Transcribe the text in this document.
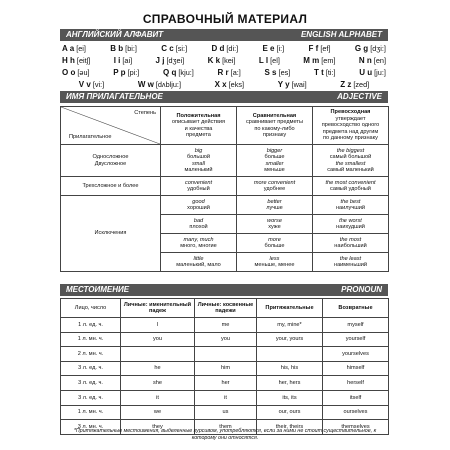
СПРАВОЧНЫЙ МАТЕРИАЛ
АНГЛИЙСКИЙ АЛФАВИТ	ENGLISH ALPHABET
A a [ei]	B b [bi:]	C c [si:]	D d [di:]	E e [i:]	F f [ef]	G g [dʒi:]
H h [eitʃ]	I i [ai]	J j [dʒei]	K k [kei]	L l [el]	M m [em]	N n [en]
O o [əu]	P p [pi:]	Q q [kju:]	R r [a:]	S s [es]	T t [ti:]	U u [ju:]
V v [vi:]	W w [dʌblju:]	X x [eks]	Y y [wai]	Z z [zed]
ИМЯ ПРИЛАГАТЕЛЬНОЕ	ADJECTIVE
Степень
Прилагательное	Положительная
описывает действия
и качества
предмета	Сравнительная
сравнивает предметы
по какому-либо
признаку	Превосходная
утверждает
превосходство одного
предмета над другим
по данному признаку

Односложное
Двусложное	big
большой
small
маленький	bigger
больше
smaller
меньше	the biggest
самый большой
the smallest
самый маленький

Трехсложное и более	convenient
удобный	more convenient
удобнее	the most convenient
самый удобный

Исключения	good
хороший	better
лучше	the best
наилучший

	bad
плохой	worse
хуже	the worst
наихудший

	many, much
много, многие	more
больше	the most
наибольший

	little
маленький, мало	less
меньше, менее	the least
наименьший
МЕСТОИМЕНИЕ	PRONOUN
Лицо, число	Личные: именительный падеж	Личные: косвенные падежи	Притяжательные	Возвратные
1 л. ед. ч.	I	me	my, mine*	myself
1 л. мн. ч.	you	you	your, yours	yourself
2 л. мн. ч.				yourselves
3 л. ед. ч.	he	him	his, his	himself
3 л. ед. ч.	she	her	her, hers	herself
3 л. ед. ч.	it	it	its, its	itself
1 л. мн. ч.	we	us	our, ours	ourselves
3 л. мн. ч.	they	them	their, theirs	themselves
*Притяжательные местоимения, выделенные курсивом, употребляются, если за ними не стоит существительное, к которому они относятся.
